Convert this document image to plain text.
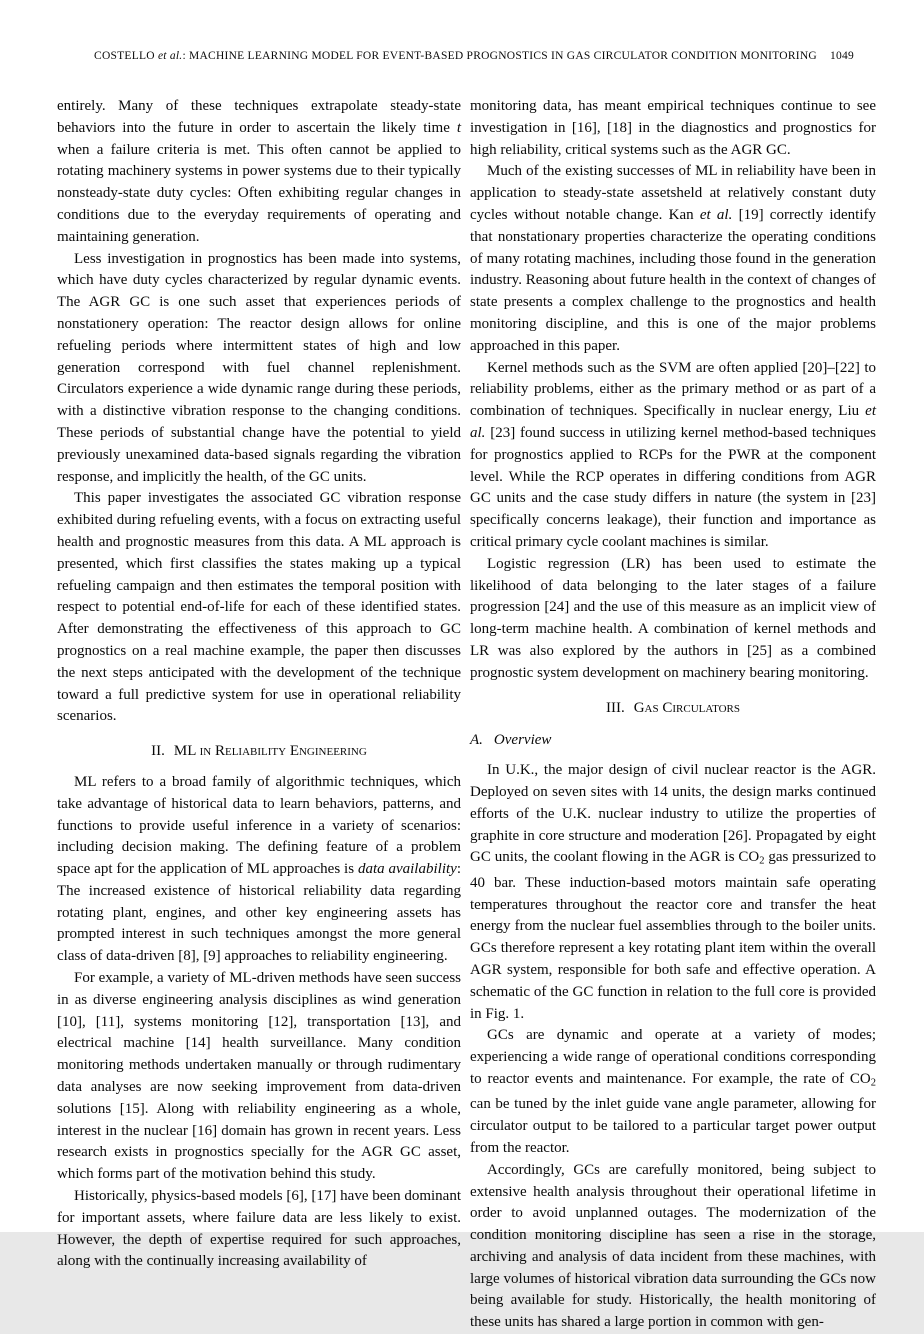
COSTELLO et al.: MACHINE LEARNING MODEL FOR EVENT-BASED PROGNOSTICS IN GAS CIRCULATOR CONDITION MONITORING	1049

entirely. Many of these techniques extrapolate steady-state behaviors into the future in order to ascertain the likely time t when a failure criteria is met. This often cannot be applied to rotating machinery systems in power systems due to their typically nonsteady-state duty cycles: Often exhibiting regular changes in conditions due to the everyday requirements of operating and maintaining generation.

Less investigation in prognostics has been made into systems, which have duty cycles characterized by regular dynamic events. The AGR GC is one such asset that experiences periods of nonstationery operation: The reactor design allows for online refueling periods where intermittent states of high and low generation correspond with fuel channel replenishment. Circulators experience a wide dynamic range during these periods, with a distinctive vibration response to the changing conditions. These periods of substantial change have the potential to yield previously unexamined data-based signals regarding the vibration response, and implicitly the health, of the GC units.

This paper investigates the associated GC vibration response exhibited during refueling events, with a focus on extracting useful health and prognostic measures from this data. A ML approach is presented, which first classifies the states making up a typical refueling campaign and then estimates the temporal position with respect to potential end-of-life for each of these identified states. After demonstrating the effectiveness of this approach to GC prognostics on a real machine example, the paper then discusses the next steps anticipated with the development of the technique toward a full predictive system for use in operational reliability scenarios.

II. ML in Reliability Engineering

ML refers to a broad family of algorithmic techniques, which take advantage of historical data to learn behaviors, patterns, and functions to provide useful inference in a variety of scenarios: including decision making. The defining feature of a problem space apt for the application of ML approaches is data availability: The increased existence of historical reliability data regarding rotating plant, engines, and other key engineering assets has prompted interest in such techniques amongst the more general class of data-driven [8], [9] approaches to reliability engineering.

For example, a variety of ML-driven methods have seen success in as diverse engineering analysis disciplines as wind generation [10], [11], systems monitoring [12], transportation [13], and electrical machine [14] health surveillance. Many condition monitoring methods undertaken manually or through rudimentary data analyses are now seeking improvement from data-driven solutions [15]. Along with reliability engineering as a whole, interest in the nuclear [16] domain has grown in recent years. Less research exists in prognostics specially for the AGR GC asset, which forms part of the motivation behind this study.

Historically, physics-based models [6], [17] have been dominant for important assets, where failure data are less likely to exist. However, the depth of expertise required for such approaches, along with the continually increasing availability of

monitoring data, has meant empirical techniques continue to see investigation in [16], [18] in the diagnostics and prognostics for high reliability, critical systems such as the AGR GC.

Much of the existing successes of ML in reliability have been in application to steady-state assetsheld at relatively constant duty cycles without notable change. Kan et al. [19] correctly identify that nonstationary properties characterize the operating conditions of many rotating machines, including those found in the generation industry. Reasoning about future health in the context of changes of state presents a complex challenge to the prognostics and health monitoring discipline, and this is one of the major problems approached in this paper.

Kernel methods such as the SVM are often applied [20]–[22] to reliability problems, either as the primary method or as part of a combination of techniques. Specifically in nuclear energy, Liu et al. [23] found success in utilizing kernel method-based techniques for prognostics applied to RCPs for the PWR at the component level. While the RCP operates in differing conditions from AGR GC units and the case study differs in nature (the system in [23] specifically concerns leakage), their function and importance as critical primary cycle coolant machines is similar.

Logistic regression (LR) has been used to estimate the likelihood of data belonging to the later stages of a failure progression [24] and the use of this measure as an implicit view of long-term machine health. A combination of kernel methods and LR was also explored by the authors in [25] as a combined prognostic system development on machinery bearing monitoring.

III. Gas Circulators
A. Overview

In U.K., the major design of civil nuclear reactor is the AGR. Deployed on seven sites with 14 units, the design marks continued efforts of the U.K. nuclear industry to utilize the properties of graphite in core structure and moderation [26]. Propagated by eight GC units, the coolant flowing in the AGR is CO2 gas pressurized to 40 bar. These induction-based motors maintain safe operating temperatures throughout the reactor core and transfer the heat energy from the nuclear fuel assemblies through to the boiler units. GCs therefore represent a key rotating plant item within the overall AGR system, responsible for both safe and effective operation. A schematic of the GC function in relation to the full core is provided in Fig. 1.

GCs are dynamic and operate at a variety of modes; experiencing a wide range of operational conditions corresponding to reactor events and maintenance. For example, the rate of CO2 can be tuned by the inlet guide vane angle parameter, allowing for circulator output to be tailored to a particular target power output from the reactor.

Accordingly, GCs are carefully monitored, being subject to extensive health analysis throughout their operational lifetime in order to avoid unplanned outages. The modernization of the condition monitoring discipline has seen a rise in the storage, archiving and analysis of data incident from these machines, with large volumes of historical vibration data surrounding the GCs now being available for study. Historically, the health monitoring of these units has shared a large portion in common with gen-
